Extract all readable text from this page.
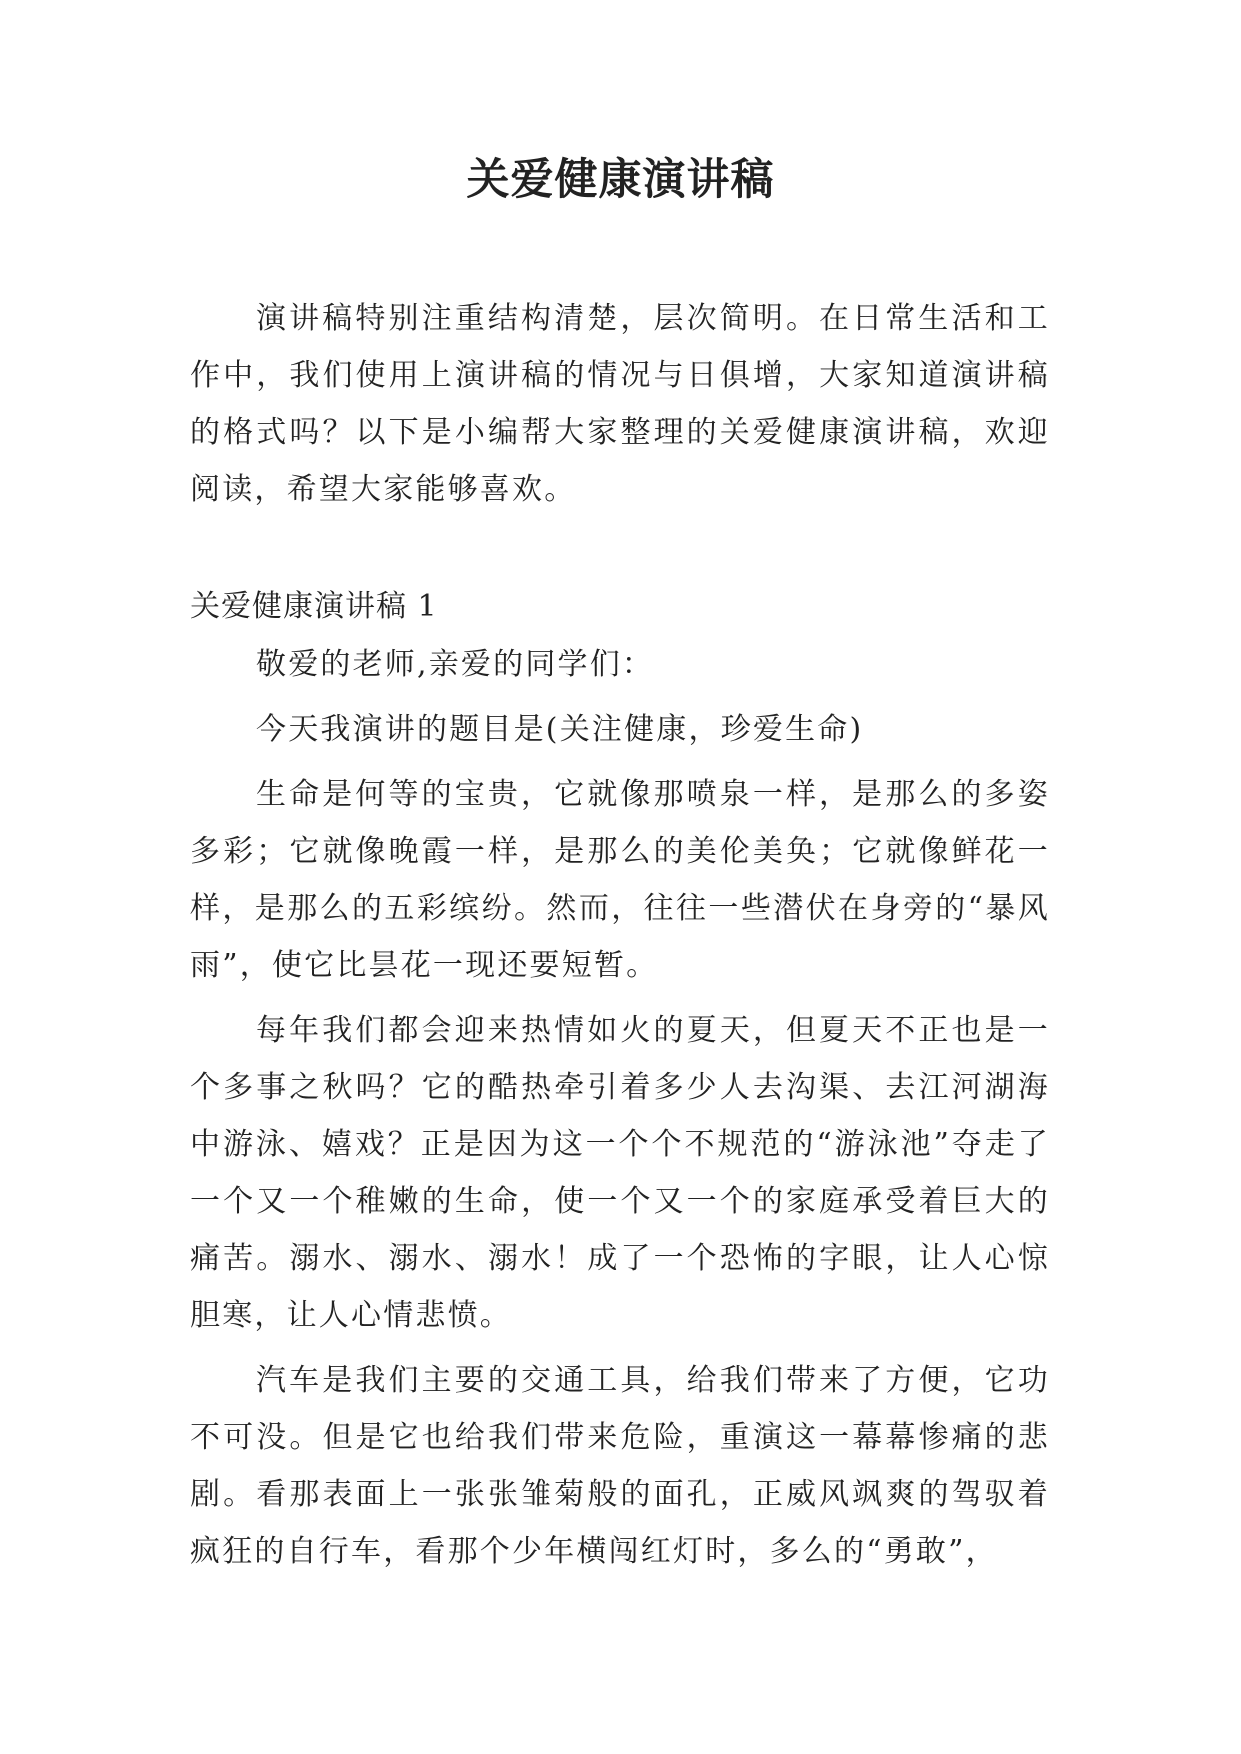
关爱健康演讲稿

演讲稿特别注重结构清楚，层次简明。在日常生活和工作中，我们使用上演讲稿的情况与日俱增，大家知道演讲稿的格式吗？以下是小编帮大家整理的关爱健康演讲稿，欢迎阅读，希望大家能够喜欢。

关爱健康演讲稿 1

敬爱的老师,亲爱的同学们：

今天我演讲的题目是(关注健康，珍爱生命)

生命是何等的宝贵，它就像那喷泉一样，是那么的多姿多彩；它就像晚霞一样，是那么的美伦美奂；它就像鲜花一样，是那么的五彩缤纷。然而，往往一些潜伏在身旁的“暴风雨”，使它比昙花一现还要短暂。

每年我们都会迎来热情如火的夏天，但夏天不正也是一个多事之秋吗？它的酷热牵引着多少人去沟渠、去江河湖海中游泳、嬉戏？正是因为这一个个不规范的“游泳池”夺走了一个又一个稚嫩的生命，使一个又一个的家庭承受着巨大的痛苦。溺水、溺水、溺水！成了一个恐怖的字眼，让人心惊胆寒，让人心情悲愤。

汽车是我们主要的交通工具，给我们带来了方便，它功不可没。但是它也给我们带来危险，重演这一幕幕惨痛的悲剧。看那表面上一张张雏菊般的面孔，正威风飒爽的驾驭着疯狂的自行车，看那个少年横闯红灯时，多么的“勇敢”，
